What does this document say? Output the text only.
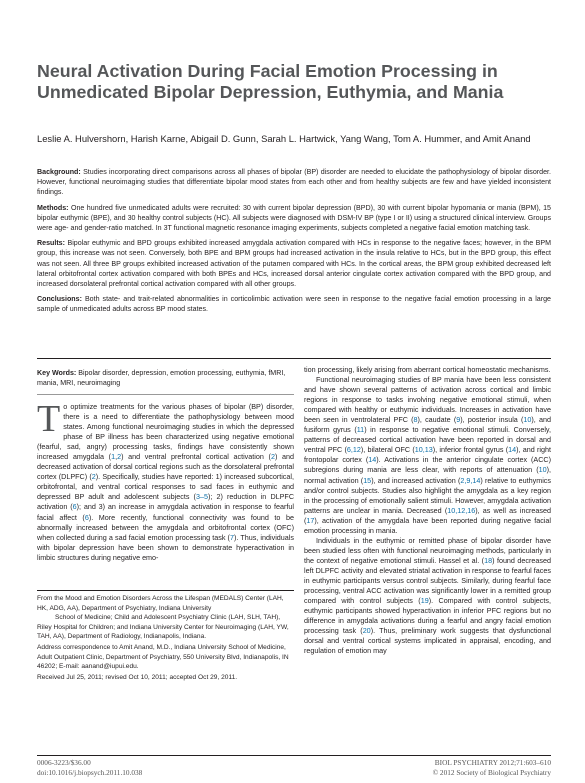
Neural Activation During Facial Emotion Processing in Unmedicated Bipolar Depression, Euthymia, and Mania
Leslie A. Hulvershorn, Harish Karne, Abigail D. Gunn, Sarah L. Hartwick, Yang Wang, Tom A. Hummer, and Amit Anand

Background: Studies incorporating direct comparisons across all phases of bipolar (BP) disorder are needed to elucidate the pathophysiology of bipolar disorder. However, functional neuroimaging studies that differentiate bipolar mood states from each other and from healthy subjects are few and have yielded inconsistent findings.

Methods: One hundred five unmedicated adults were recruited: 30 with current bipolar depression (BPD), 30 with current bipolar hypomania or mania (BPM), 15 bipolar euthymic (BPE), and 30 healthy control subjects (HC). All subjects were diagnosed with DSM-IV BP (type I or II) using a structured clinical interview. Groups were age- and gender-ratio matched. In 3T functional magnetic resonance imaging experiments, subjects completed a negative facial emotion matching task.

Results: Bipolar euthymic and BPD groups exhibited increased amygdala activation compared with HCs in response to the negative faces; however, in the BPM group, this increase was not seen. Conversely, both BPE and BPM groups had increased activation in the insula relative to HCs, but in the BPD group, this effect was not seen. All three BP groups exhibited increased activation of the putamen compared with HCs. In the cortical areas, the BPM group exhibited decreased left lateral orbitofrontal cortex activation compared with both BPEs and HCs, increased dorsal anterior cingulate cortex activation compared with the BPD group, and increased dorsolateral prefrontal cortical activation compared with all other groups.

Conclusions: Both state- and trait-related abnormalities in corticolimbic activation were seen in response to the negative facial emotion processing in a large sample of unmedicated adults across BP mood states.

Key Words: Bipolar disorder, depression, emotion processing, euthymia, fMRI, mania, MRI, neuroimaging

To optimize treatments for the various phases of bipolar (BP) disorder, there is a need to differentiate the pathophysiology between mood states. Among functional neuroimaging studies in which the depressed phase of BP illness has been characterized using negative emotional (fearful, sad, angry) processing tasks, findings have consistently shown increased amygdala (1,2) and ventral prefrontal cortical activation (2) and decreased activation of dorsal cortical regions such as the dorsolateral prefrontal cortex (DLPFC) (2). Specifically, studies have reported: 1) increased subcortical, orbitofrontal, and ventral cortical responses to sad faces in euthymic and depressed BP adult and adolescent subjects (3–5); 2) reduction in DLPFC activation (6); and 3) an increase in amygdala activation in response to fearful facial affect (6). More recently, functional connectivity was found to be abnormally increased between the amygdala and orbitofrontal cortex (OFC) when collected during a sad facial emotion processing task (7). Thus, individuals with bipolar depression have been shown to demonstrate hyperactivation in limbic structures during negative emo-

From the Mood and Emotion Disorders Across the Lifespan (MEDALS) Center (LAH, HK, ADG, AA), Department of Psychiatry, Indiana University
School of Medicine; Child and Adolescent Psychiatry Clinic (LAH, SLH, TAH), Riley Hospital for Children; and Indiana University Center for Neuroimaging (LAH, YW, TAH, AA), Department of Radiology, Indianapolis, Indiana.

Address correspondence to Amit Anand, M.D., Indiana University School of Medicine, Adult Outpatient Clinic, Department of Psychiatry, 550 University Blvd, Indianapolis, IN 46202; E-mail: aanand@iupui.edu.

Received Jul 25, 2011; revised Oct 10, 2011; accepted Oct 29, 2011.

tion processing, likely arising from aberrant cortical homeostatic mechanisms.

Functional neuroimaging studies of BP mania have been less consistent and have shown several patterns of activation across cortical and limbic regions in response to tasks involving negative emotional stimuli, when compared with healthy or euthymic individuals. Increases in activation have been seen in ventrolateral PFC (8), caudate (9), posterior insula (10), and fusiform gyrus (11) in response to negative emotional stimuli. Conversely, patterns of decreased cortical activation have been reported in dorsal and ventral PFC (6,12), bilateral OFC (10,13), inferior frontal gyrus (14), and right frontopolar cortex (14). Activations in the anterior cingulate cortex (ACC) subregions during mania are less clear, with reports of attenuation (10), normal activation (15), and increased activation (2,9,14) relative to euthymics and/or control subjects. Studies also highlight the amygdala as a key region in the processing of emotionally salient stimuli. However, amygdala activation patterns are unclear in mania. Decreased (10,12,16), as well as increased (17), activation of the amygdala have been reported during negative facial emotion processing in mania.

Individuals in the euthymic or remitted phase of bipolar disorder have been studied less often with functional neuroimaging methods, particularly in the context of negative emotional stimuli. Hassel et al. (18) found decreased left DLPFC activity and elevated striatal activation in response to fearful faces in euthymic participants versus control subjects. Similarly, during fearful face processing, ventral ACC activation was significantly lower in a remitted group compared with control subjects (19). Compared with control subjects, euthymic participants showed hyperactivation in inferior PFC regions but no difference in amygdala activations during a fearful and angry facial emotion processing task (20). Thus, preliminary work suggests that dysfunctional dorsal and ventral cortical systems implicated in appraisal, encoding, and regulation of emotion may

0006-3223/$36.00
doi:10.1016/j.biopsych.2011.10.038
BIOL PSYCHIATRY 2012;71:603–610
© 2012 Society of Biological Psychiatry
